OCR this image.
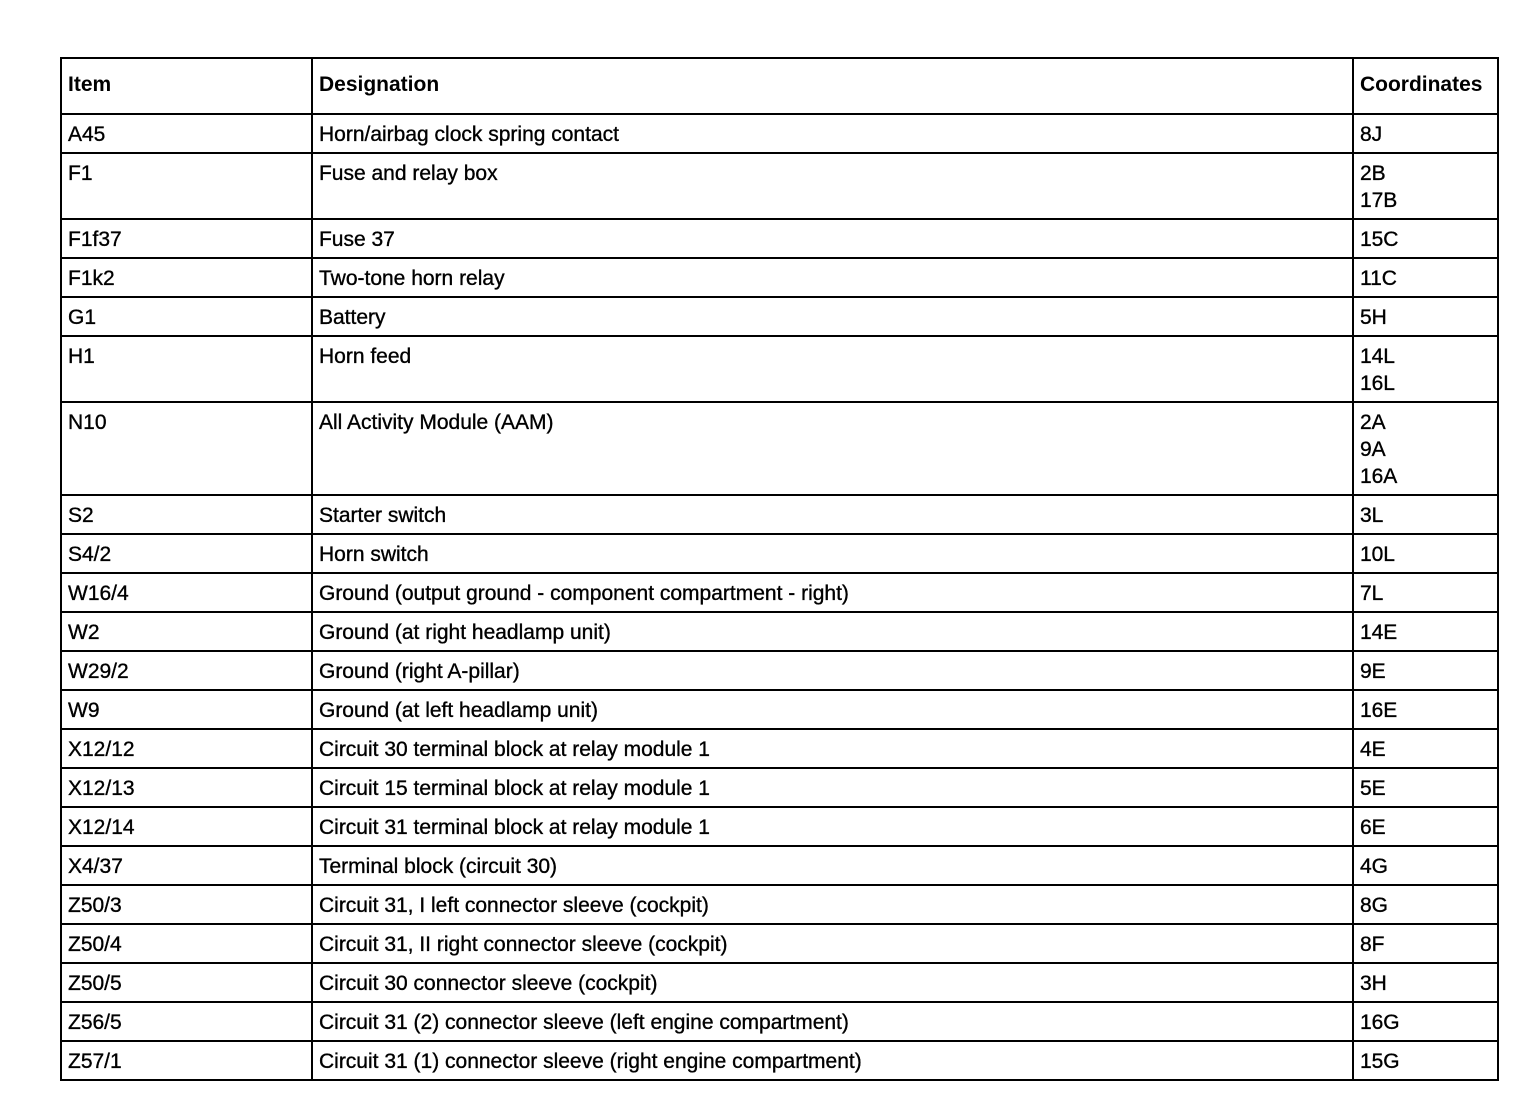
Item	Designation	Coordinates
A45	Horn/airbag clock spring contact	8J

F1	Fuse and relay box	2B
17B

F1f37	Fuse 37	15C

F1k2	Two-tone horn relay	11C

G1	Battery	5H

H1	Horn feed	14L
16L

N10	All Activity Module (AAM)	2A
9A
16A

S2	Starter switch	3L

S4/2	Horn switch	10L

W16/4	Ground (output ground - component compartment - right)	7L

W2	Ground (at right headlamp unit)	14E

W29/2	Ground (right A-pillar)	9E

W9	Ground (at left headlamp unit)	16E

X12/12	Circuit 30 terminal block at relay module 1	4E

X12/13	Circuit 15 terminal block at relay module 1	5E

X12/14	Circuit 31 terminal block at relay module 1	6E

X4/37	Terminal block (circuit 30)	4G

Z50/3	Circuit 31, I left connector sleeve (cockpit)	8G

Z50/4	Circuit 31, II right connector sleeve (cockpit)	8F

Z50/5	Circuit 30 connector sleeve (cockpit)	3H

Z56/5	Circuit 31 (2) connector sleeve (left engine compartment)	16G

Z57/1	Circuit 31 (1) connector sleeve (right engine compartment)	15G
